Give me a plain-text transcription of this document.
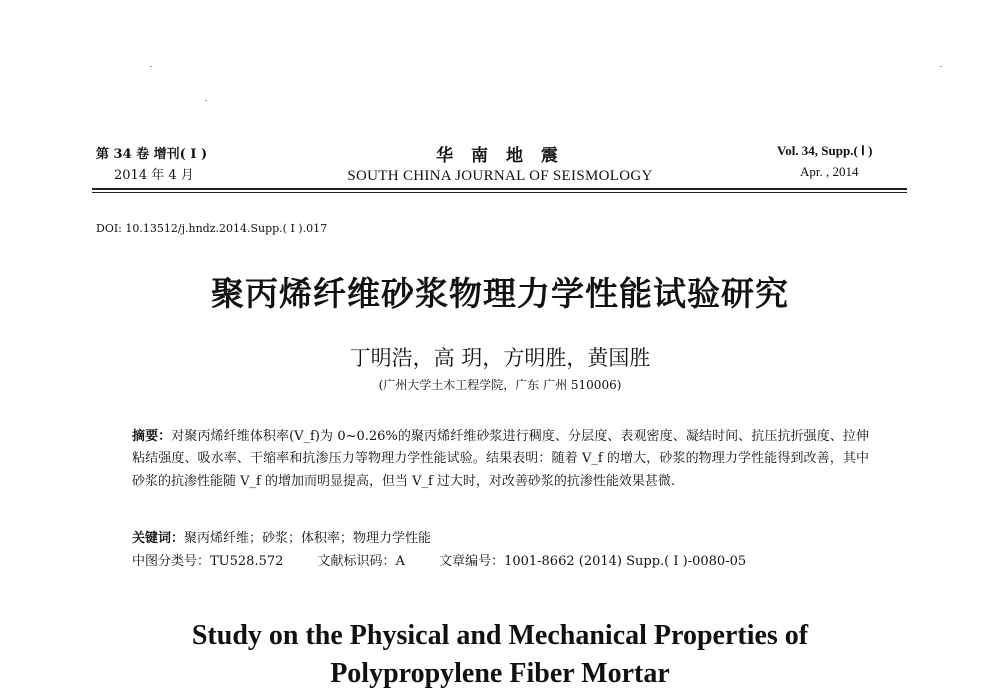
第 34 卷 增刊( Ⅰ )
2014 年 4 月
华 南 地 震
SOUTH CHINA JOURNAL OF SEISMOLOGY
Vol. 34, Supp.( Ⅰ )
Apr. , 2014
DOI: 10.13512/j.hndz.2014.Supp.( Ⅰ ).017
聚丙烯纤维砂浆物理力学性能试验研究
丁明浩，高 玥，方明胜，黄国胜
(广州大学土木工程学院，广东 广州 510006)
摘要：对聚丙烯纤维体积率(V_f)为 0~0.26%的聚丙烯纤维砂浆进行稠度、分层度、表观密度、凝结时间、抗压抗折强度、拉伸粘结强度、吸水率、干缩率和抗渗压力等物理力学性能试验。结果表明：随着 V_f 的增大，砂浆的物理力学性能得到改善，其中砂浆的抗渗性能随 V_f 的增加而明显提高，但当 V_f 过大时，对改善砂浆的抗渗性能效果甚微.
关键词：聚丙烯纤维；砂浆；体积率；物理力学性能
中图分类号：TU528.572	文献标识码：A	文章编号：1001-8662 (2014) Supp.( Ⅰ )-0080-05
Study on the Physical and Mechanical Properties of
Polypropylene Fiber Mortar
